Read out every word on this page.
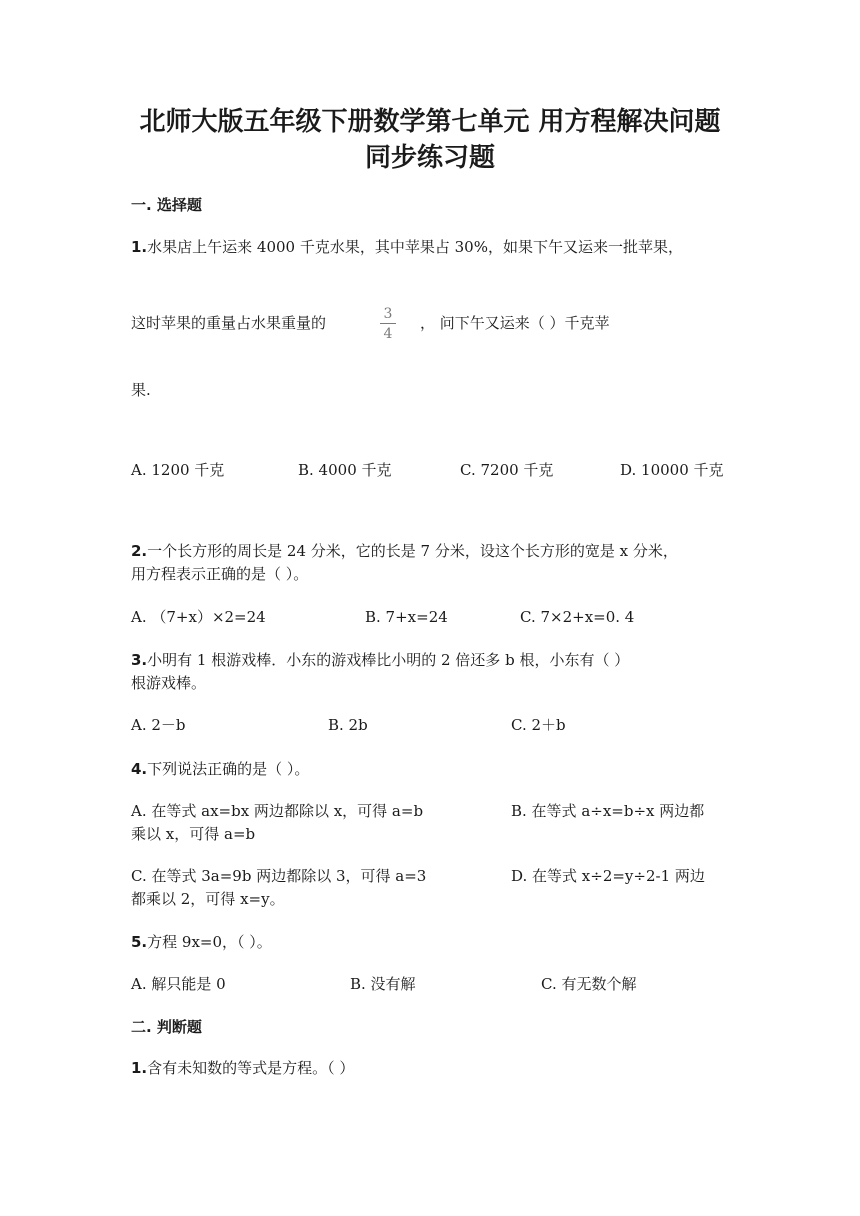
北师大版五年级下册数学第七单元 用方程解决问题
同步练习题
一. 选择题
1.水果店上午运来 4000 千克水果，其中苹果占 30%，如果下午又运来一批苹果，
这时苹果的重量占水果重量的	3
4
， 问下午又运来（ ）千克苹
果.
A. 1200 千克	B. 4000 千克	C. 7200 千克	D. 10000 千克
2.一个长方形的周长是 24 分米，它的长是 7 分米，设这个长方形的宽是 x 分米，
用方程表示正确的是（ ）。
A. （7+x）×2=24	B. 7+x=24	C. 7×2+x=0. 4
3.小明有 1 根游戏棒．小东的游戏棒比小明的 2 倍还多 b 根，小东有（ ）
根游戏棒。
A. 2－b	B. 2b	C. 2＋b
4.下列说法正确的是（ ）。
A. 在等式 ax=bx 两边都除以 x，可得 a=b	B. 在等式 a÷x=b÷x 两边都
乘以 x，可得 a=b
C. 在等式 3a=9b 两边都除以 3，可得 a=3	D. 在等式 x÷2=y÷2-1 两边
都乘以 2，可得 x=y。
5.方程 9x=0，（ ）。
A. 解只能是 0	B. 没有解	C. 有无数个解
二. 判断题
1.含有未知数的等式是方程。（ ）
